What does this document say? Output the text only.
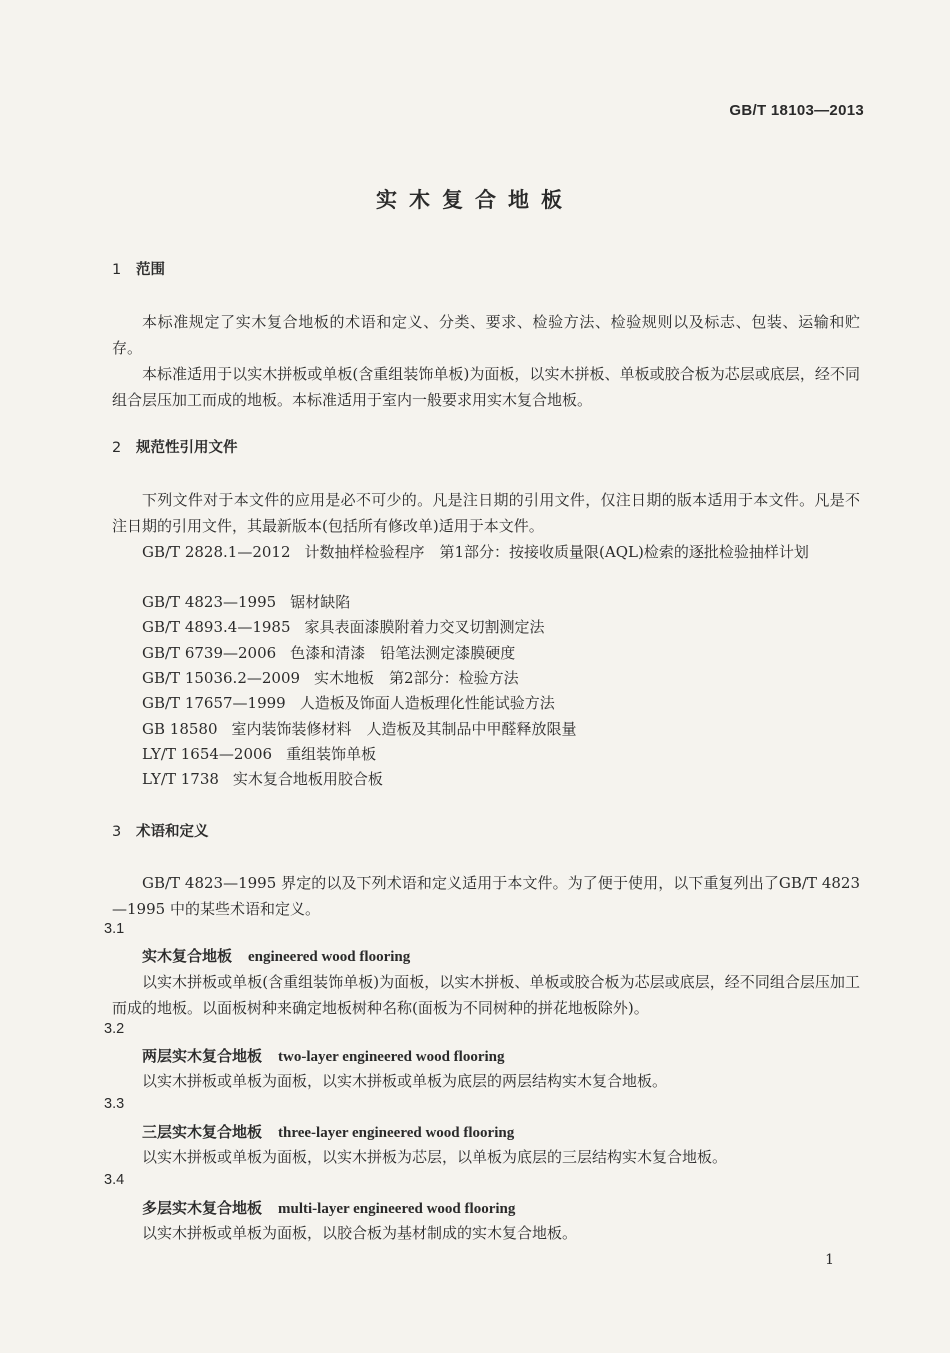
GB/T 18103—2013
实木复合地板
1 范围
本标准规定了实木复合地板的术语和定义、分类、要求、检验方法、检验规则以及标志、包装、运输和贮存。
本标准适用于以实木拼板或单板(含重组装饰单板)为面板，以实木拼板、单板或胶合板为芯层或底层，经不同组合层压加工而成的地板。本标准适用于室内一般要求用实木复合地板。
2 规范性引用文件
下列文件对于本文件的应用是必不可少的。凡是注日期的引用文件，仅注日期的版本适用于本文件。凡是不注日期的引用文件，其最新版本(包括所有修改单)适用于本文件。
GB/T 2828.1—2012 计数抽样检验程序　第1部分：按接收质量限(AQL)检索的逐批检验抽样计划
GB/T 4823—1995 锯材缺陷
GB/T 4893.4—1985 家具表面漆膜附着力交叉切割测定法
GB/T 6739—2006 色漆和清漆　铅笔法测定漆膜硬度
GB/T 15036.2—2009 实木地板　第2部分：检验方法
GB/T 17657—1999 人造板及饰面人造板理化性能试验方法
GB 18580 室内装饰装修材料　人造板及其制品中甲醛释放限量
LY/T 1654—2006 重组装饰单板
LY/T 1738 实木复合地板用胶合板
3 术语和定义
GB/T 4823—1995 界定的以及下列术语和定义适用于本文件。为了便于使用，以下重复列出了GB/T 4823—1995 中的某些术语和定义。
3.1
实木复合地板 engineered wood flooring
以实木拼板或单板(含重组装饰单板)为面板，以实木拼板、单板或胶合板为芯层或底层，经不同组合层压加工而成的地板。以面板树种来确定地板树种名称(面板为不同树种的拼花地板除外)。
3.2
两层实木复合地板 two-layer engineered wood flooring
以实木拼板或单板为面板，以实木拼板或单板为底层的两层结构实木复合地板。
3.3
三层实木复合地板 three-layer engineered wood flooring
以实木拼板或单板为面板，以实木拼板为芯层，以单板为底层的三层结构实木复合地板。
3.4
多层实木复合地板 multi-layer engineered wood flooring
以实木拼板或单板为面板，以胶合板为基材制成的实木复合地板。
1
